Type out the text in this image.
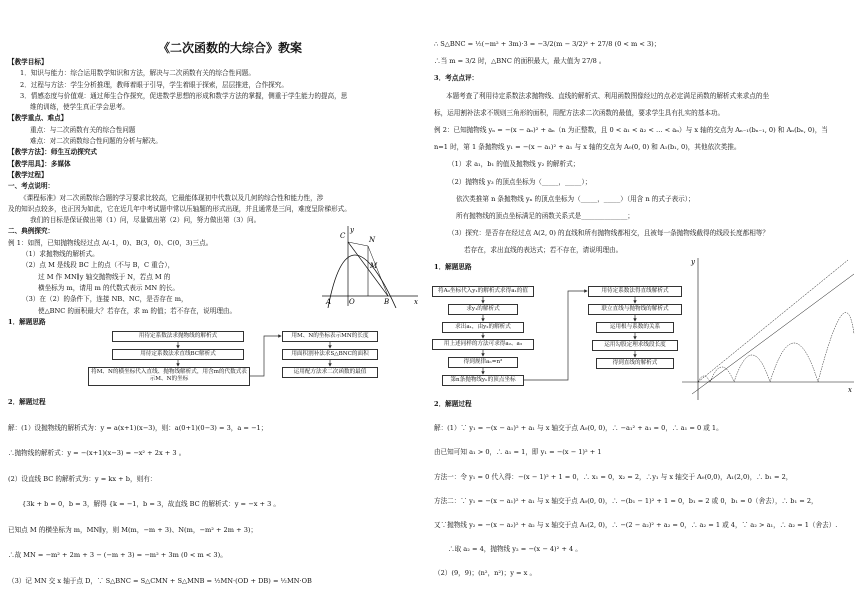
《二次函数的大综合》教案
【教学目标】
1．知识与能力：综合运用数学知识和方法，解决与二次函数有关的综合性问题。
2．过程与方法：学生分析推理，教师着眼于引导，学生着眼于探索，层层推进，合作探究。
3．情感态度与价值观：通过师生合作探究，促进数学思想的形成和数学方法的掌握，侧重于学生能力的提高，思
维的训练，使学生真正学会思考。
【教学重点、难点】
重点：与二次函数有关的综合性问题
难点：对二次函数综合性问题的分析与解决。
【教学方法】：师生互动探究式
【教学用具】：多媒体
【教学过程】
一、考点说明：
《课程标准》对二次函数综合题的学习要求比较高，它最能体现初中代数以及几何的综合性和能力性，涉
及的知识点较多，也正因为如此，它在近几年中考试题中常以压轴题的形式出现，并且通常是三问，难度呈阶梯形式。
我们的目标是保证做出第（1）问，尽量做出第（2）问，努力做出第（3）问。
二、典例探究：
例 1：如图，已知抛物线经过点 A(-1，0)、B(3，0)、C(0，3)三点。
（1）求抛物线的解析式。
（2）点 M 是线段 BC 上的点（不与 B，C 重合），
过 M 作 MN∥y 轴交抛物线于 N，若点 M 的
横坐标为 m，请用 m 的代数式表示 MN 的长。
（3）在（2）的条件下，连接 NB、NC，是否存在 m，
使△BNC 的面积最大？若存在，求 m 的值；若不存在，说明理由。
1．解题思路
用待定系数法求抛物线的解析式
用待定系数法求直线BC解析式
将M、N的横坐标代入直线、抛物线解析式，用含m的代数式表示M、N的坐标
用M、N的坐标表示MN的长度
用面积割补法求S△BNC的面积
运用配方法求二次函数的最值
C	N
M
A	O	B	x
y
2．解题过程
解：(1）设抛物线的解析式为：y = a(x+1)(x−3)，则：a(0+1)(0−3) = 3，a = −1；
∴抛物线的解析式：y = −(x+1)(x−3) = −x² + 2x + 3 。
(2）设直线 BC 的解析式为：y = kx + b，则有：
{3k + b = 0，b = 3，解得 {k = −1，b = 3，故直线 BC 的解析式：y = −x + 3 。
已知点 M 的横坐标为 m，MN∥y，则 M(m，−m + 3)、N(m，−m² + 2m + 3)；
∴故 MN = −m² + 2m + 3 − (−m + 3) = −m² + 3m (0 < m < 3)。
（3）记 MN 交 x 轴于点 D，∵ S△BNC = S△CMN + S△MNB = ½MN·(OD + DB) = ½MN·OB
∴ S△BNC = ½(−m² + 3m)·3 = −3/2(m − 3/2)² + 27/8 (0 < m < 3)；
∴当 m = 3/2 时，△BNC 的面积最大，最大值为 27/8 。
3．考点点评：
本题考查了利用待定系数法求抛物线、直线的解析式、利用函数图像经过的点必定满足函数的解析式来求点的坐
标，运用割补法求不规则三角形的面积，用配方法求二次函数的最值，要求学生具有扎实的基本功。
例 2：已知抛物线 yₙ = −(x − aₙ)² + aₙ（n 为正整数，且 0 < a₁ < a₂ < … < aₙ）与 x 轴的交点为 Aₙ₋₁(bₙ₋₁, 0) 和 Aₙ(bₙ, 0)，当
n=1 时，第 1 条抛物线 y₁ = −(x − a₁)² + a₁ 与 x 轴的交点为 A₀(0, 0) 和 A₁(b₁, 0)，其他依次类推。
（1）求 a₁，b₁ 的值及抛物线 y₂ 的解析式；
（2）抛物线 y₃ 的顶点坐标为（_____，_____）；
依次类推第 n 条抛物线 yₙ 的顶点坐标为（_____，_____）（用含 n 的式子表示）；
所有抛物线的顶点坐标满足的函数关系式是______________；
（3）探究：是否存在经过点 A(2, 0) 的直线和所有抛物线都相交，且被每一条抛物线截得的线段长度都相等？
若存在，求出直线的表达式；若不存在，请说明理由。
1．解题思路
将A₀坐标代入y₁的解析式求得a₁的值
求y₁的解析式
求出a₁，由y₂的解析式
用上述同样的方法可求得a₂、a₃
得到规律aₙ=n²
第n条抛物线yₙ的顶点坐标
用待定系数法得直线解析式
联立直线与抛物线的解析式
运用根与系数的关系
运用勾股定理求线段长度
得到直线的解析式
y
x
2．解题过程
解：(1）∵ y₁ = −(x − a₁)² + a₁ 与 x 轴交于点 A₀(0, 0)，∴ −a₁² + a₁ = 0，∴ a₁ = 0 或 1。
由已知可知 a₁ > 0，∴ a₁ = 1，即 y₁ = −(x − 1)² + 1
方法一：令 y₁ = 0 代入得：−(x − 1)² + 1 = 0，∴ x₁ = 0，x₂ = 2，∴y₁ 与 x 轴交于 A₀(0,0)，A₁(2,0)，∴ b₁ = 2，
方法二：∵ y₁ = −(x − a₁)² + a₁ 与 x 轴交于点 A₀(0, 0)，∴ −(b₁ − 1)² + 1 = 0，b₁ = 2 或 0，b₁ = 0（舍去），∴ b₁ = 2，
又∵抛物线 y₂ = −(x − a₂)² + a₂ 与 x 轴交于点 A₁(2, 0)，∴ −(2 − a₂)² + a₂ = 0，∴ a₂ = 1 或 4，∵ a₂ > a₁，∴ a₂ = 1（舍去）.
∴取 a₂ = 4，抛物线 y₂ = −(x − 4)² + 4 。
（2）(9，9)；(n²，n²)；y = x 。
